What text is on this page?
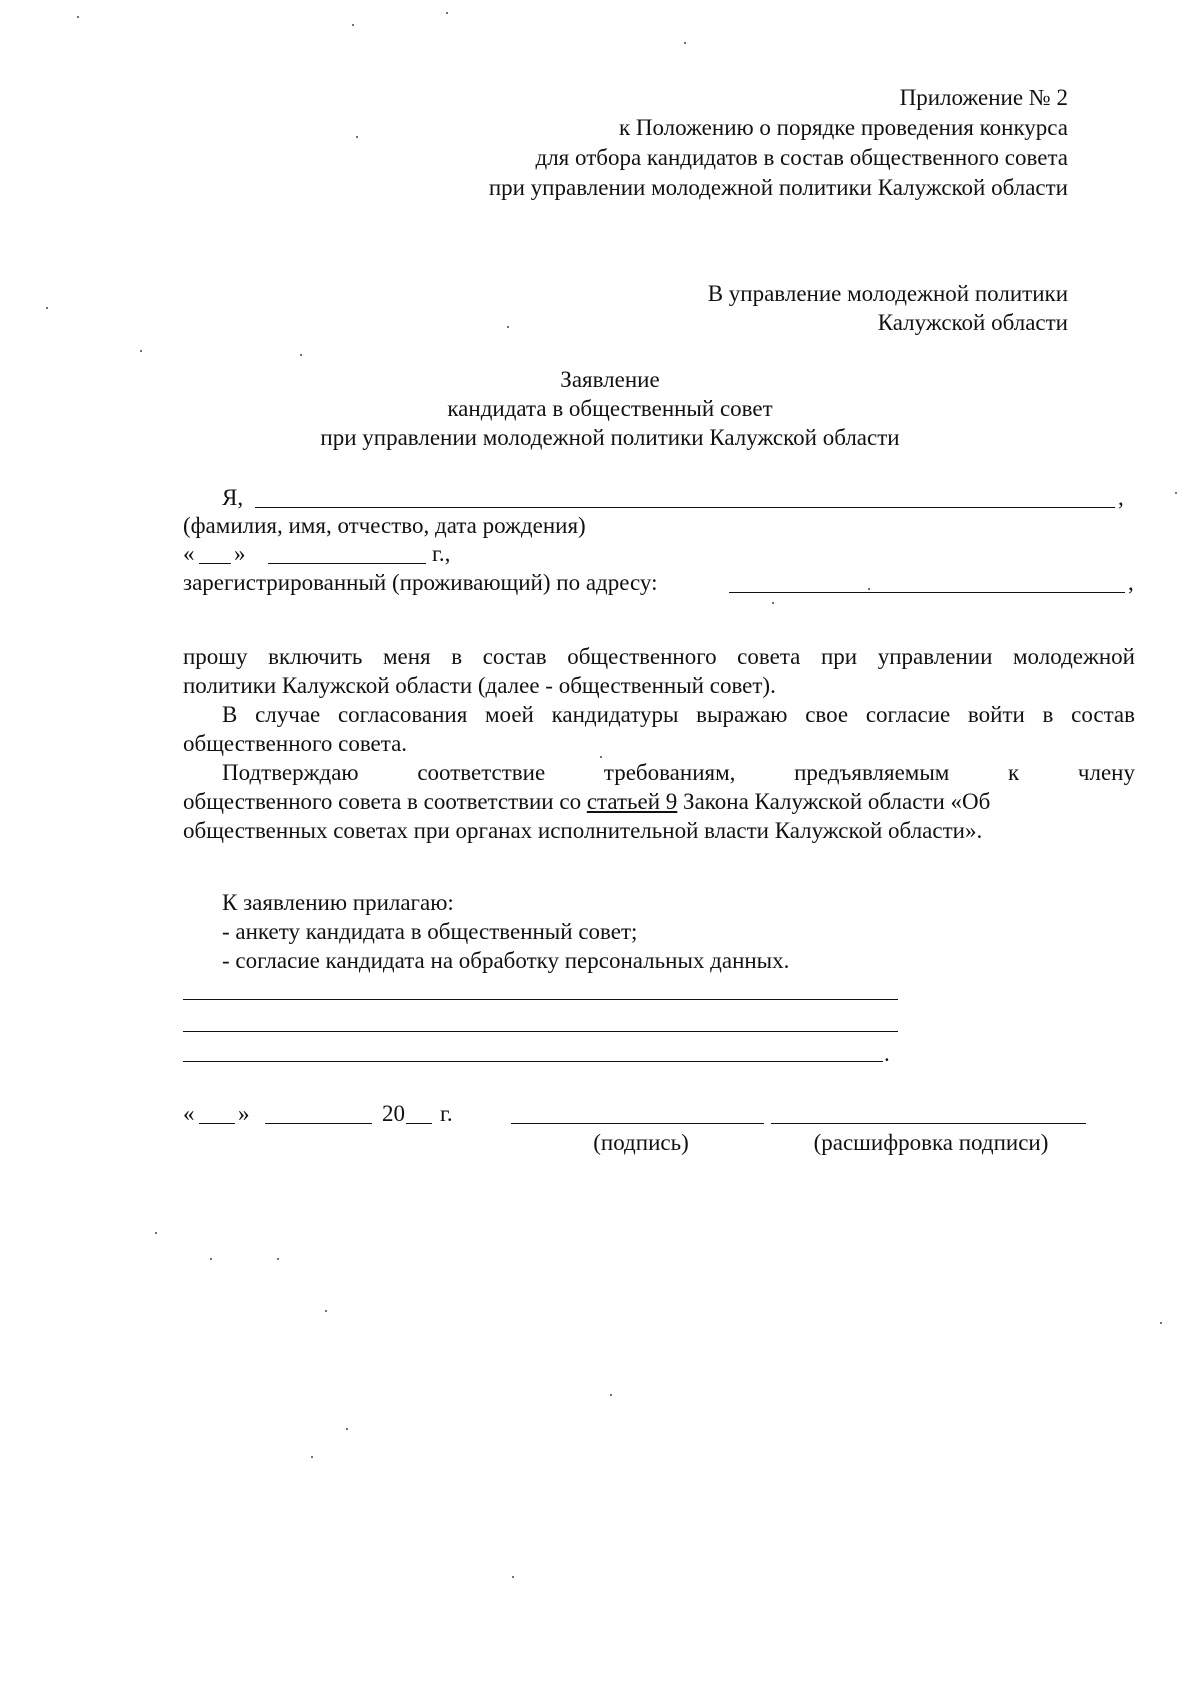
Приложение № 2
к Положению о порядке проведения конкурса
для отбора кандидатов в состав общественного совета
при управлении молодежной политики Калужской области
В управление молодежной политики
Калужской области
Заявление
кандидата в общественный совет
при управлении молодежной политики Калужской области
Я,	,
(фамилия, имя, отчество, дата рождения)
« »	г.,
зарегистрированный (проживающий) по адресу:	,
прошу включить меня в состав общественного совета при управлении молодежной
политики Калужской области (далее - общественный совет).
В случае согласования моей кандидатуры выражаю свое согласие войти в состав
общественного совета.
Подтверждаю соответствие требованиям, предъявляемым к члену
общественного совета в соответствии со статьей 9 Закона Калужской области «Об
общественных советах при органах исполнительной власти Калужской области».
К заявлению прилагаю:
- анкету кандидата в общественный совет;
- согласие кандидата на обработку персональных данных.
.
« »	20 г.
(подпись)	(расшифровка подписи)
